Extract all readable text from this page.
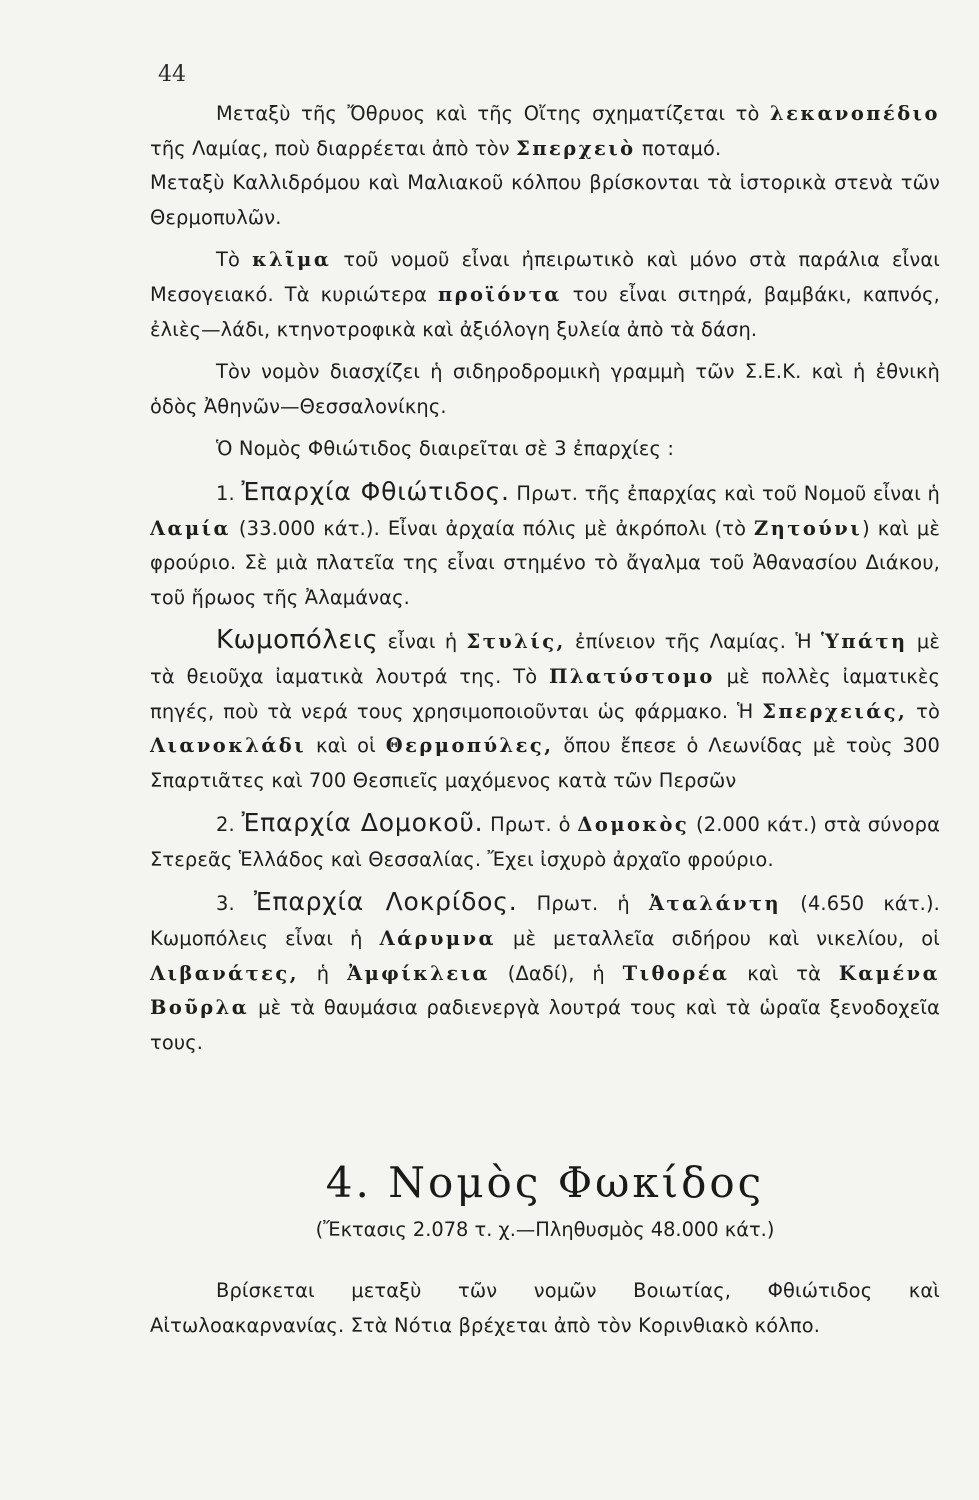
44

Μεταξὺ τῆς Ὄθρυος καὶ τῆς Οἴτης σχηματίζεται τὸ λεκανοπέδιο τῆς Λαμίας, ποὺ διαρρέεται ἀπὸ τὸν Σπερχειὸ ποταμό.
Μεταξὺ Καλλιδρόμου καὶ Μαλιακοῦ κόλπου βρίσκονται τὰ ἱστορικὰ στενὰ τῶν Θερμοπυλῶν.

Τὸ κλῖμα τοῦ νομοῦ εἶναι ἠπειρωτικὸ καὶ μόνο στὰ παράλια εἶναι Μεσογειακό. Τὰ κυριώτερα προϊόντα του εἶναι σιτηρά, βαμβάκι, καπνός, ἐλιὲς—λάδι, κτηνοτροφικὰ καὶ ἀξιόλογη ξυλεία ἀπὸ τὰ δάση.

Τὸν νομὸν διασχίζει ἡ σιδηροδρομικὴ γραμμὴ τῶν Σ.Ε.Κ. καὶ ἡ ἐθνικὴ ὁδὸς Ἀθηνῶν—Θεσσαλονίκης.

Ὁ Νομὸς Φθιώτιδος διαιρεῖται σὲ 3 ἐπαρχίες :

1. Ἐπαρχία Φθιώτιδος. Πρωτ. τῆς ἐπαρχίας καὶ τοῦ Νομοῦ εἶναι ἡ Λαμία (33.000 κάτ.). Εἶναι ἀρχαία πόλις μὲ ἀκρόπολι (τὸ Ζητούνι) καὶ μὲ φρούριο. Σὲ μιὰ πλατεῖα της εἶναι στημένο τὸ ἄγαλμα τοῦ Ἀθανασίου Διάκου, τοῦ ἥρωος τῆς Ἀλαμάνας.

Κωμοπόλεις εἶναι ἡ Στυλίς, ἐπίνειον τῆς Λαμίας. Ἡ Ὑπάτη μὲ τὰ θειοῦχα ἰαματικὰ λουτρά της. Τὸ Πλατύστομο μὲ πολλὲς ἰαματικὲς πηγές, ποὺ τὰ νερά τους χρησιμοποιοῦνται ὡς φάρμακο. Ἡ Σπερχειάς, τὸ Λιανοκλάδι καὶ οἱ Θερμοπύλες, ὅπου ἔπεσε ὁ Λεωνίδας μὲ τοὺς 300 Σπαρτιᾶτες καὶ 700 Θεσπιεῖς μαχόμενος κατὰ τῶν Περσῶν

2. Ἐπαρχία Δομοκοῦ. Πρωτ. ὁ Δομοκὸς (2.000 κάτ.) στὰ σύνορα Στερεᾶς Ἑλλάδος καὶ Θεσσαλίας. Ἔχει ἰσχυρὸ ἀρχαῖο φρούριο.

3. Ἐπαρχία Λοκρίδος. Πρωτ. ἡ Ἀταλάντη (4.650 κάτ.). Κωμοπόλεις εἶναι ἡ Λάρυμνα μὲ μεταλλεῖα σιδήρου καὶ νικελίου, οἱ Λιβανάτες, ἡ Ἀμφίκλεια (Δαδί), ἡ Τιθορέα καὶ τὰ Καμένα Βοῦρλα μὲ τὰ θαυμάσια ραδιενεργὰ λουτρά τους καὶ τὰ ὡραῖα ξενοδοχεῖα τους.

4. Νομὸς Φωκίδος
(Ἔκτασις 2.078 τ. χ.—Πληθυσμὸς 48.000 κάτ.)

Βρίσκεται μεταξὺ τῶν νομῶν Βοιωτίας, Φθιώτιδος καὶ Αἰτωλοακαρνανίας. Στὰ Νότια βρέχεται ἀπὸ τὸν Κορινθιακὸ κόλπο.
